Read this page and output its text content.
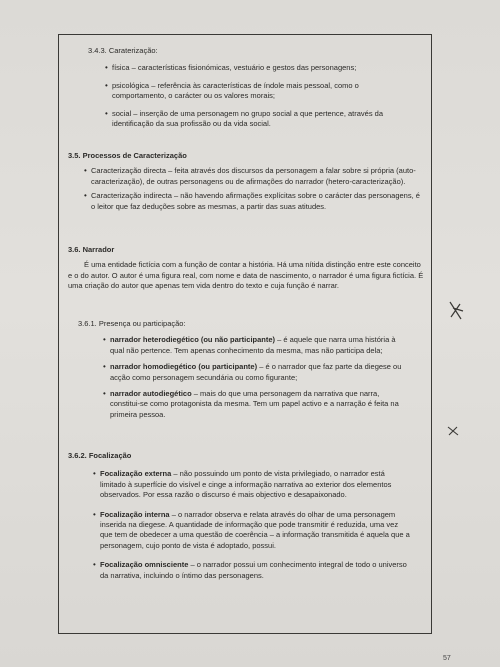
3.4.3. Caraterização:

• física – características fisionómicas, vestuário e gestos das personagens;

• psicológica – referência às características de índole mais pessoal, como o comportamento, o carácter ou os valores morais;

• social – inserção de uma personagem no grupo social a que pertence, através da identificação da sua profissão ou da vida social.

3.5. Processos de Caracterização

• Caracterização directa – feita através dos discursos da personagem a falar sobre si própria (auto-caracterização), de outras personagens ou de afirmações do narrador (hetero-caracterização).

• Caracterização indirecta – não havendo afirmações explícitas sobre o carácter das personagens, é o leitor que faz deduções sobre as mesmas, a partir das suas atitudes.

3.6. Narrador

É uma entidade fictícia com a função de contar a história. Há uma nítida distinção entre este conceito e o do autor. O autor é uma figura real, com nome e data de nascimento, o narrador é uma figura fictícia. É uma criação do autor que apenas tem vida dentro do texto e cuja função é narrar.

3.6.1. Presença ou participação:

• narrador heterodiegético (ou não participante) – é aquele que narra uma história à qual não pertence. Tem apenas conhecimento da mesma, mas não participa dela;

• narrador homodiegético (ou participante) – é o narrador que faz parte da diegese ou acção como personagem secundária ou como figurante;

• narrador autodiegético – mais do que uma personagem da narrativa que narra, constitui-se como protagonista da mesma. Tem um papel activo e a narração é feita na primeira pessoa.

3.6.2. Focalização

• Focalização externa – não possuindo um ponto de vista privilegiado, o narrador está limitado à superfície do visível e cinge a informação narrativa ao exterior dos elementos observados. Por essa razão o discurso é mais objectivo e desapaixonado.

• Focalização interna – o narrador observa e relata através do olhar de uma personagem inserida na diegese. A quantidade de informação que pode transmitir é reduzida, uma vez que tem de obedecer a uma questão de coerência – a informação transmitida é aquela que a personagem, cujo ponto de vista é adoptado, possui.

• Focalização omnisciente – o narrador possui um conhecimento integral de todo o universo da narrativa, incluindo o íntimo das personagens.

57
